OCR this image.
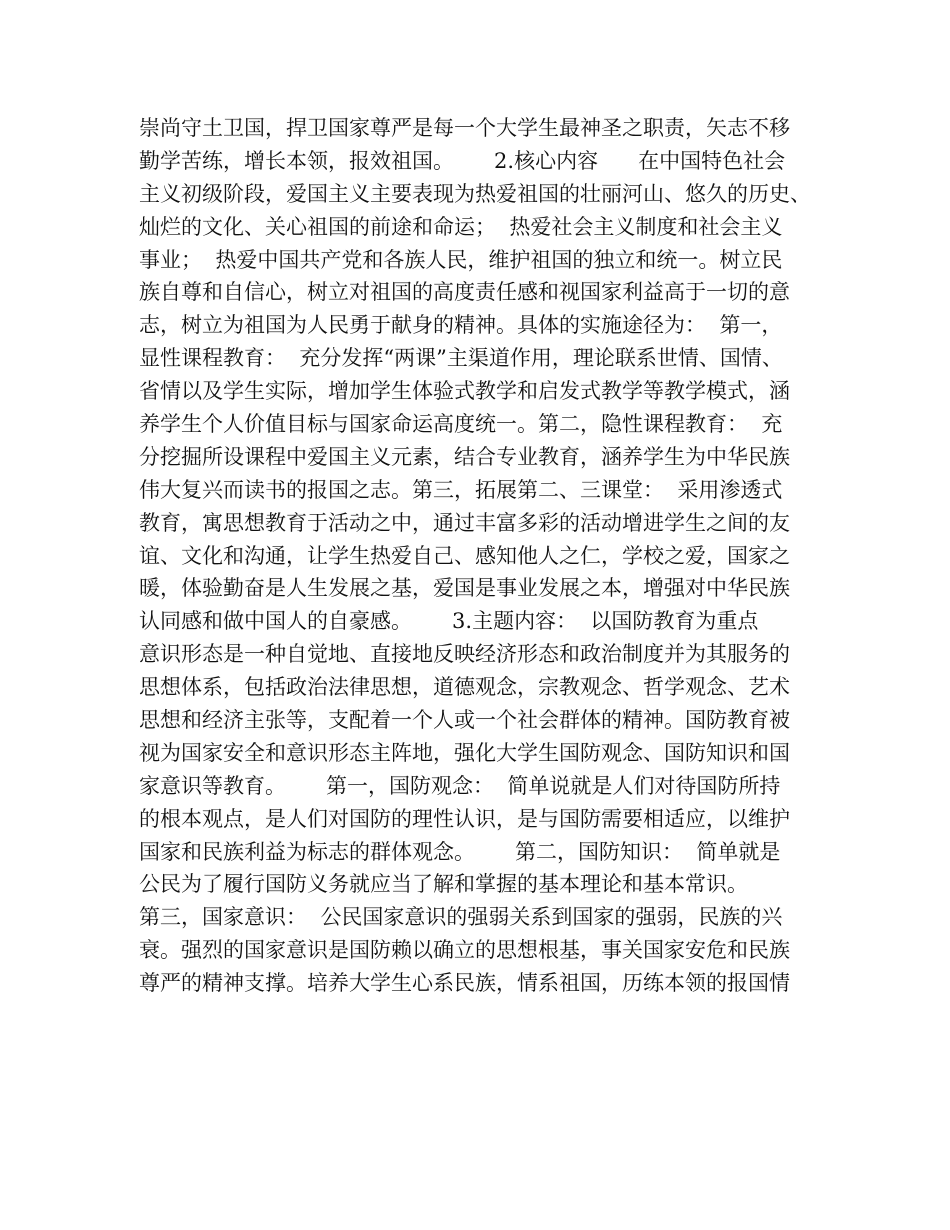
崇尚守土卫国，捍卫国家尊严是每一个大学生最神圣之职责，矢志不移
勤学苦练，增长本领，报效祖国。      2.核心内容      在中国特色社会
主义初级阶段，爱国主义主要表现为热爱祖国的壮丽河山、悠久的历史、
灿烂的文化、关心祖国的前途和命运；  热爱社会主义制度和社会主义
事业；  热爱中国共产党和各族人民，维护祖国的独立和统一。树立民
族自尊和自信心，树立对祖国的高度责任感和视国家利益高于一切的意
志，树立为祖国为人民勇于献身的精神。具体的实施途径为：  第一，
显性课程教育：  充分发挥“两课”主渠道作用，理论联系世情、国情、
省情以及学生实际，增加学生体验式教学和启发式教学等教学模式，涵
养学生个人价值目标与国家命运高度统一。第二，隐性课程教育：  充
分挖掘所设课程中爱国主义元素，结合专业教育，涵养学生为中华民族
伟大复兴而读书的报国之志。第三，拓展第二、三课堂：  采用渗透式
教育，寓思想教育于活动之中，通过丰富多彩的活动增进学生之间的友
谊、文化和沟通，让学生热爱自己、感知他人之仁，学校之爱，国家之
暖，体验勤奋是人生发展之基，爱国是事业发展之本，增强对中华民族
认同感和做中国人的自豪感。      3.主题内容：  以国防教育为重点
意识形态是一种自觉地、直接地反映经济形态和政治制度并为其服务的
思想体系，包括政治法律思想，道德观念，宗教观念、哲学观念、艺术
思想和经济主张等，支配着一个人或一个社会群体的精神。国防教育被
视为国家安全和意识形态主阵地，强化大学生国防观念、国防知识和国
家意识等教育。      第一，国防观念：  简单说就是人们对待国防所持
的根本观点，是人们对国防的理性认识，是与国防需要相适应，以维护
国家和民族利益为标志的群体观念。      第二，国防知识：  简单就是
公民为了履行国防义务就应当了解和掌握的基本理论和基本常识。
第三，国家意识：  公民国家意识的强弱关系到国家的强弱，民族的兴
衰。强烈的国家意识是国防赖以确立的思想根基，事关国家安危和民族
尊严的精神支撑。培养大学生心系民族，情系祖国，历练本领的报国情
